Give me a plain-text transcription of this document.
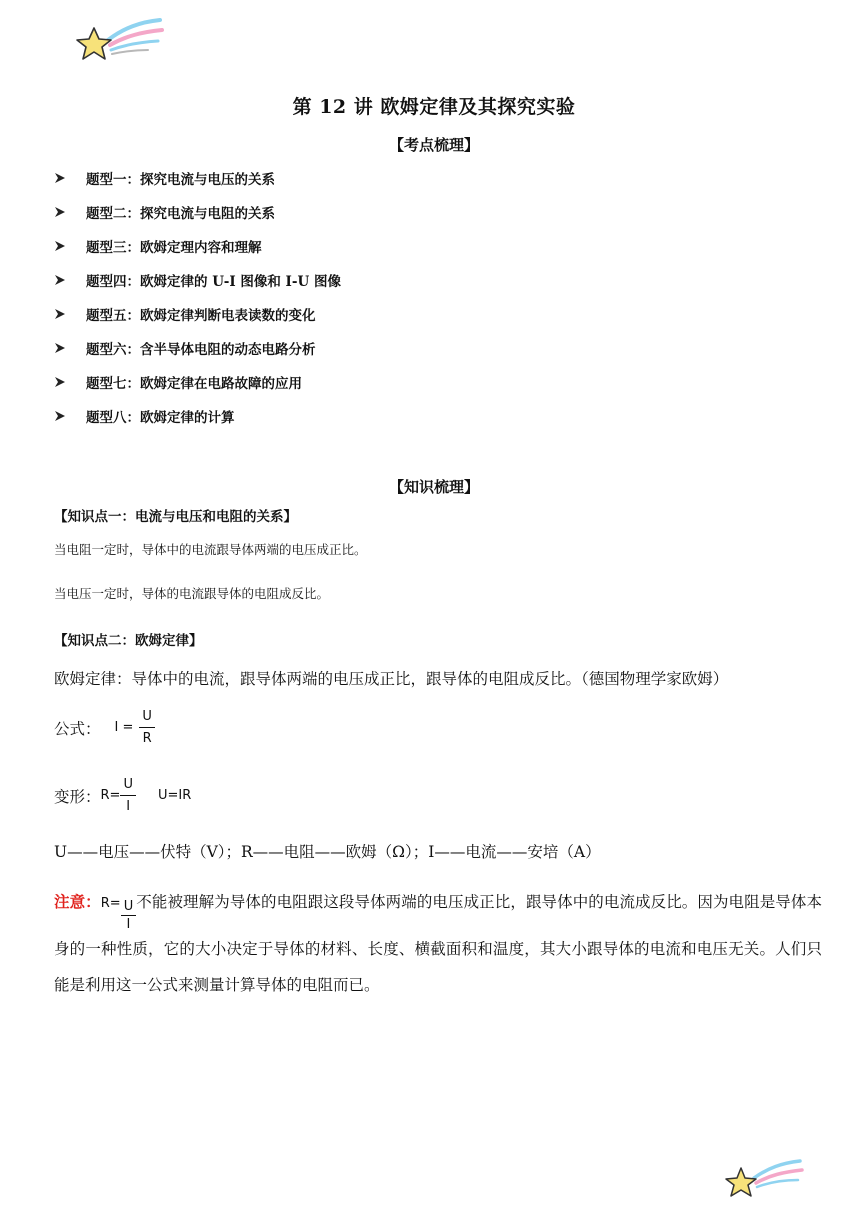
第 12 讲 欧姆定律及其探究实验
【考点梳理】
题型一：探究电流与电压的关系
题型二：探究电流与电阻的关系
题型三：欧姆定理内容和理解
题型四：欧姆定律的 U-I 图像和 I-U 图像
题型五：欧姆定律判断电表读数的变化
题型六：含半导体电阻的动态电路分析
题型七：欧姆定律在电路故障的应用
题型八：欧姆定律的计算
【知识梳理】
【知识点一：电流与电压和电阻的关系】
当电阻一定时，导体中的电流跟导体两端的电压成正比。
当电压一定时，导体的电流跟导体的电阻成反比。
【知识点二：欧姆定律】
欧姆定律：导体中的电流，跟导体两端的电压成正比，跟导体的电阻成反比。（德国物理学家欧姆）
公式： $I = \frac{U}{R}$
变形： $R= \frac{U}{I} U=IR$
U——电压——伏特（V）；R——电阻——欧姆（Ω）；I——电流——安培（A）
注意：$R= \frac{U}{I}$ 不能被理解为导体的电阻跟这段导体两端的电压成正比，跟导体中的电流成反比。因为电阻是导体本身的一种性质，它的大小决定于导体的材料、长度、横截面积和温度，其大小跟导体的电流和电压无关。人们只能是利用这一公式来测量计算导体的电阻而已。
